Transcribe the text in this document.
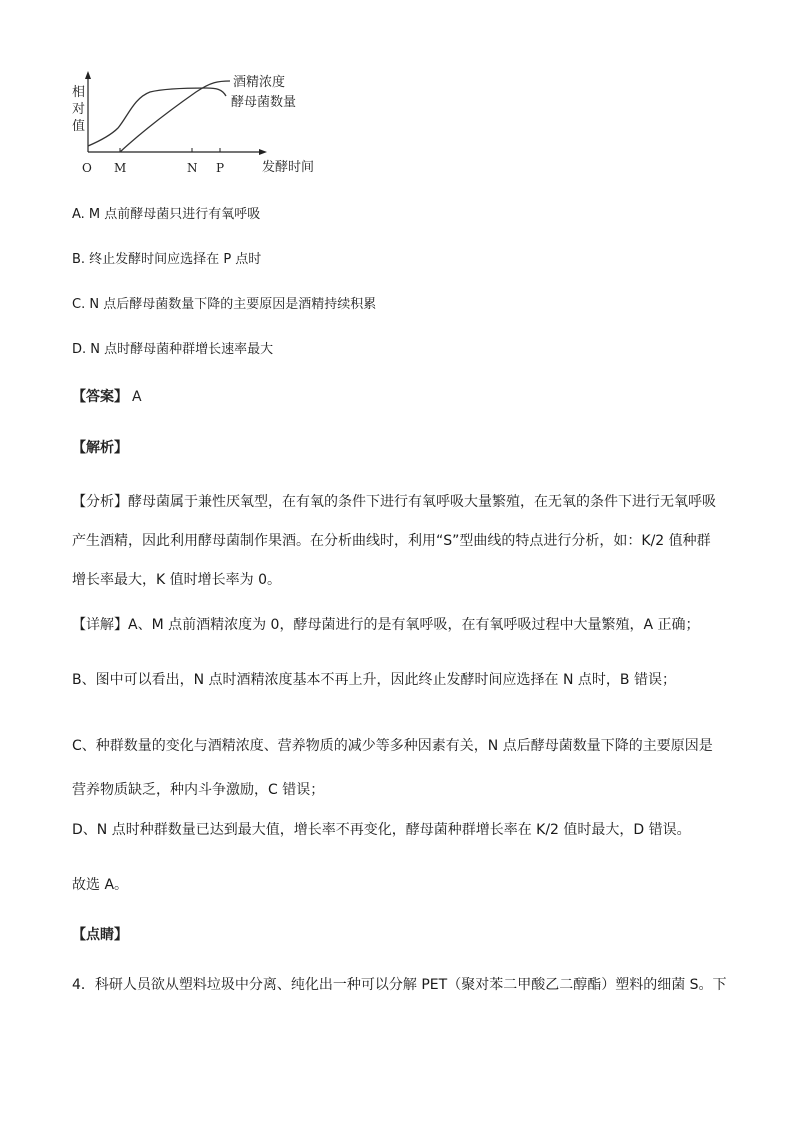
相
对
值
O M	N P	发酵时间
酒精浓度
酵母菌数量
A. M 点前酵母菌只进行有氧呼吸
B. 终止发酵时间应选择在 P 点时
C. N 点后酵母菌数量下降的主要原因是酒精持续积累
D. N 点时酵母菌种群增长速率最大
【答案】 A
【解析】
【分析】酵母菌属于兼性厌氧型，在有氧的条件下进行有氧呼吸大量繁殖，在无氧的条件下进行无氧呼吸
产生酒精，因此利用酵母菌制作果酒。在分析曲线时，利用“S”型曲线的特点进行分析，如：K/2 值种群
增长率最大，K 值时增长率为 0。
【详解】A、M 点前酒精浓度为 0，酵母菌进行的是有氧呼吸，在有氧呼吸过程中大量繁殖，A 正确；
B、图中可以看出，N 点时酒精浓度基本不再上升，因此终止发酵时间应选择在 N 点时，B 错误；
C、种群数量的变化与酒精浓度、营养物质的减少等多种因素有关，N 点后酵母菌数量下降的主要原因是
营养物质缺乏，种内斗争激励，C 错误；
D、N 点时种群数量已达到最大值，增长率不再变化，酵母菌种群增长率在 K/2 值时最大，D 错误。
故选 A。
【点睛】
4．科研人员欲从塑料垃圾中分离、纯化出一种可以分解 PET（聚对苯二甲酸乙二醇酯）塑料的细菌 S。下
